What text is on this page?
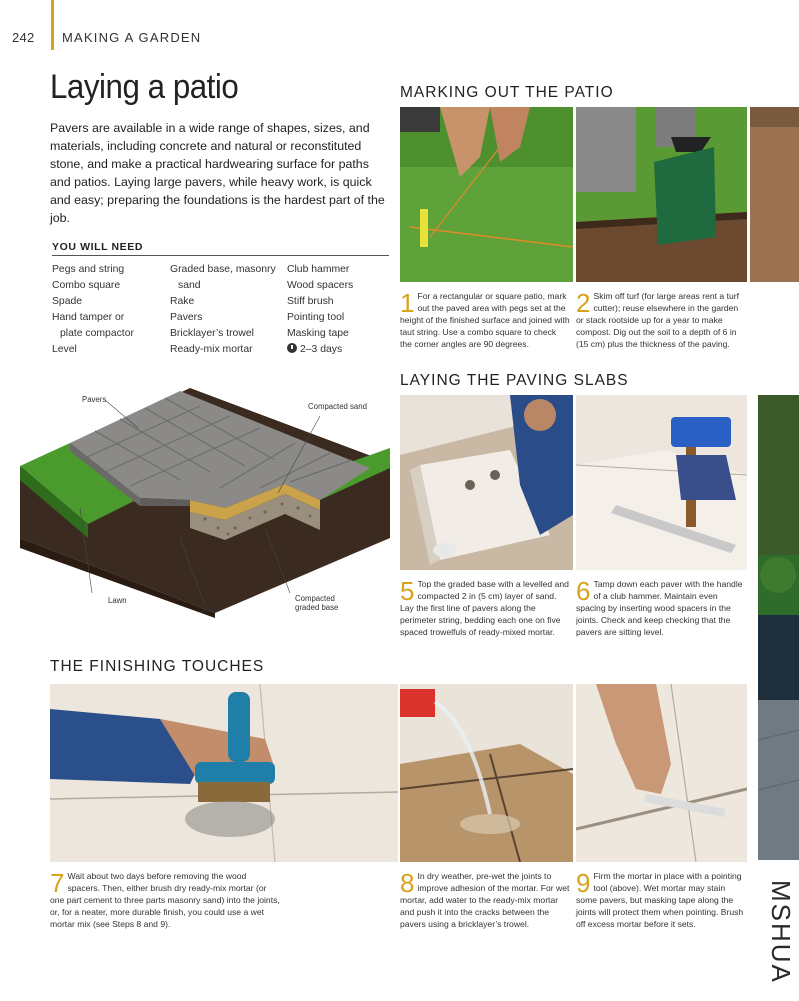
242 MAKING A GARDEN
Laying a patio

Pavers are available in a wide range of shapes, sizes, and materials, including concrete and natural or reconstituted stone, and make a practical hardwearing surface for paths and patios. Laying large pavers, while heavy work, is quick and easy; preparing the foundations is the hardest part of the job.

YOU WILL NEED
Pegs and string
Combo square
Spade
Hand tamper or
plate compactor
Level
Graded base, masonry
sand
Rake
Pavers
Bricklayer’s trowel
Ready-mix mortar
Club hammer
Wood spacers
Stiff brush
Pointing tool
Masking tape
2–3 days
Pavers
Compacted sand
Lawn
Soil
Compacted graded base
MARKING OUT THE PATIO
1 For a rectangular or square patio, mark out the paved area with pegs set at the height of the finished surface and joined with taut string. Use a combo square to check the corner angles are 90 degrees.
2 Skim off turf (for large areas rent a turf cutter); reuse elsewhere in the garden or stack rootside up for a year to make compost. Dig out the soil to a depth of 6 in (15 cm) plus the thickness of the paving.
LAYING THE PAVING SLABS
5 Top the graded base with a levelled and compacted 2 in (5 cm) layer of sand. Lay the first line of pavers along the perimeter string, bedding each one on five spaced trowelfuls of ready-mixed mortar.
6 Tamp down each paver with the handle of a club hammer. Maintain even spacing by inserting wood spacers in the joints. Check and keep checking that the pavers are sitting level.
THE FINISHING TOUCHES
7 Wait about two days before removing the wood spacers. Then, either brush dry ready-mix mortar (or one part cement to three parts masonry sand) into the joints, or, for a neater, more durable finish, you could use a wet mortar mix (see Steps 8 and 9).
8 In dry weather, pre-wet the joints to improve adhesion of the mortar. For wet mortar, add water to the ready-mix mortar and push it into the cracks between the pavers using a bricklayer’s trowel.
9 Firm the mortar in place with a pointing tool (above). Wet mortar may stain some pavers, but masking tape along the joints will protect them when pointing. Brush off excess mortar before it sets.	MSHUA
